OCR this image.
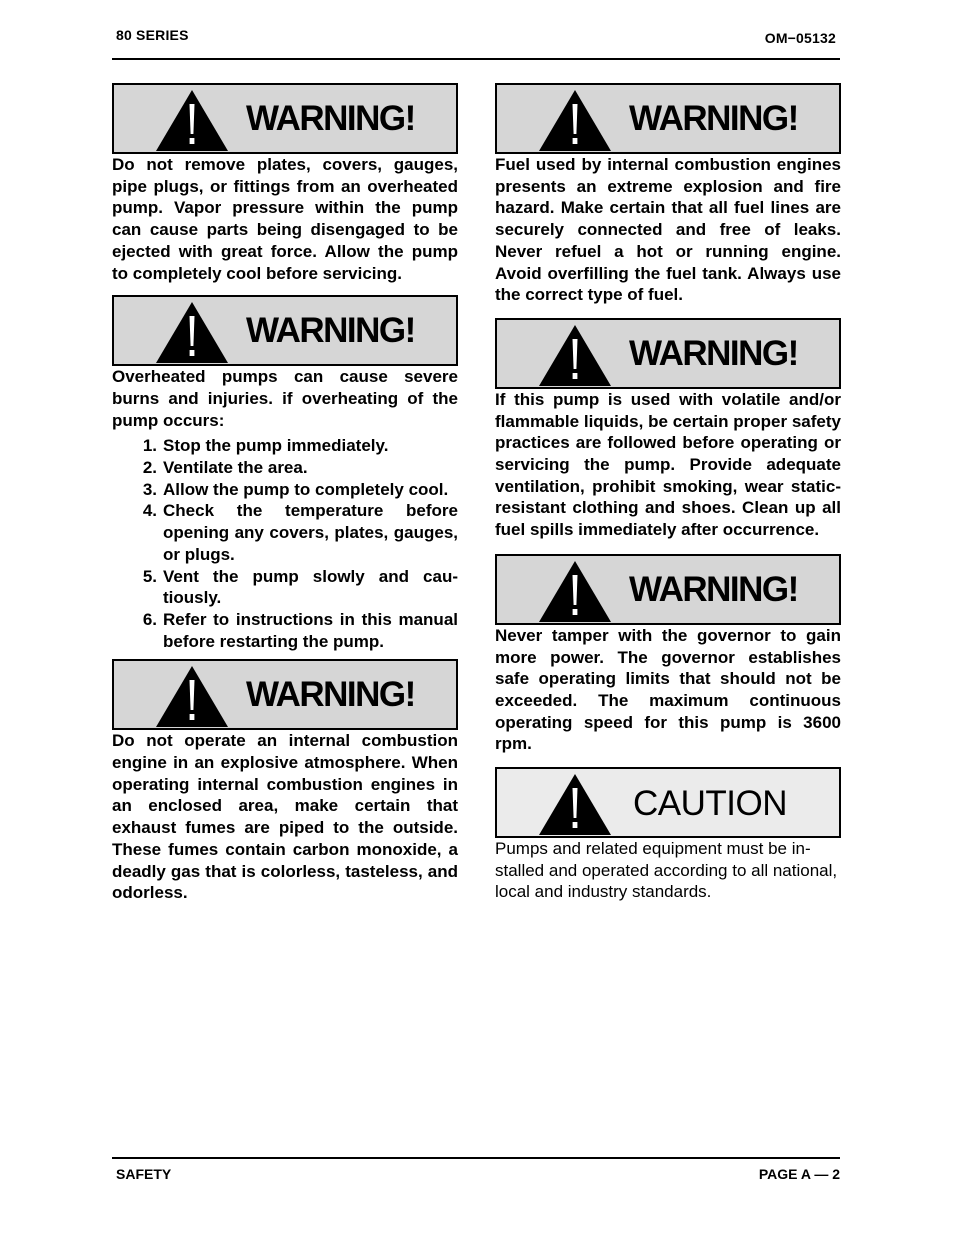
80 SERIES	OM−05132
WARNING!

Do not remove plates, covers, gauges, pipe plugs, or fittings from an overheated pump. Vapor pressure within the pump can cause parts being disengaged to be ejected with great force. Allow the pump to completely cool before servicing.

WARNING!

Overheated pumps can cause severe burns and injuries. if overheating of the pump occurs:

1. Stop the pump immediately.
2. Ventilate the area.
3. Allow the pump to completely cool.
4. Check the temperature before opening any covers, plates, gauges, or plugs.
5. Vent the pump slowly and cautiously.
6. Refer to instructions in this manual before restarting the pump.
WARNING!

Do not operate an internal combustion engine in an explosive atmosphere. When operating internal combustion engines in an enclosed area, make certain that exhaust fumes are piped to the outside. These fumes contain carbon monoxide, a deadly gas that is colorless, tasteless, and odorless.

WARNING!

Fuel used by internal combustion engines presents an extreme explosion and fire hazard. Make certain that all fuel lines are securely connected and free of leaks. Never refuel a hot or running engine. Avoid overfilling the fuel tank. Always use the correct type of fuel.

WARNING!

If this pump is used with volatile and/or flammable liquids, be certain proper safety practices are followed before operating or servicing the pump. Provide adequate ventilation, prohibit smoking, wear static-resistant clothing and shoes. Clean up all fuel spills immediately after occurrence.

WARNING!

Never tamper with the governor to gain more power. The governor establishes safe operating limits that should not be exceeded. The maximum continuous operating speed for this pump is 3600 rpm.

CAUTION

Pumps and related equipment must be installed and operated according to all national, local and industry standards.

SAFETY	PAGE A — 2
